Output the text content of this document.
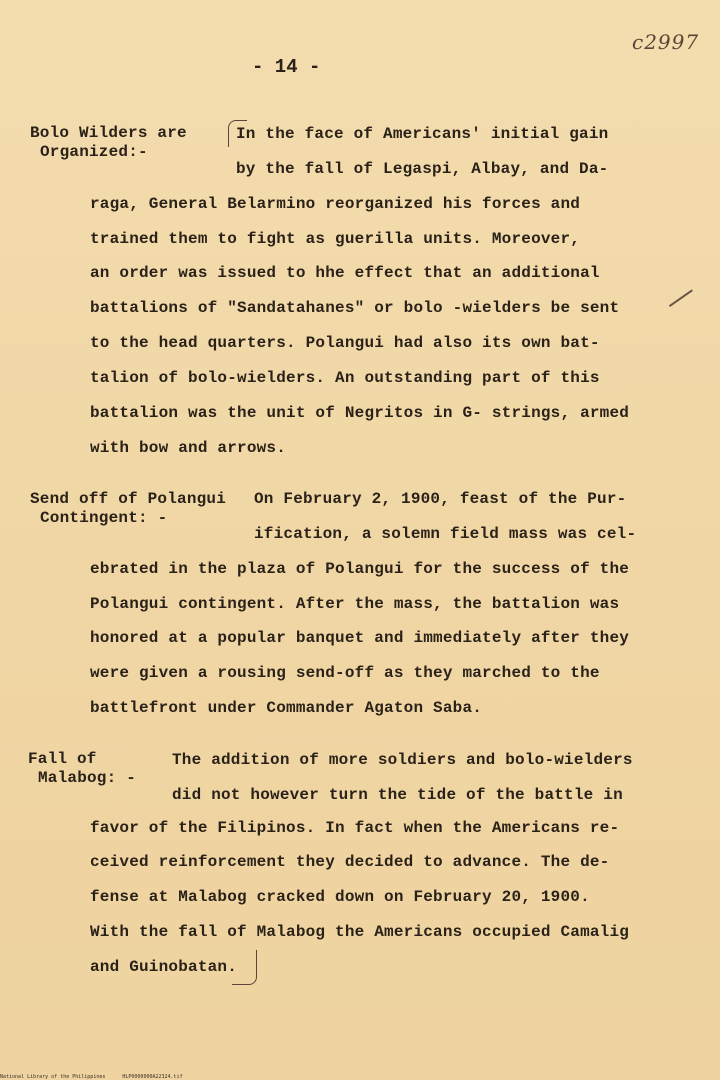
- 14 -
c2997
Bolo Wilders are
Organized:-
In the face of Americans' initial gain
by the fall of Legaspi, Albay, and Da-
raga, General Belarmino reorganized his forces and
trained them to fight as guerilla units. Moreover,
an order was issued to hhe effect that an additional
battalions of "Sandatahanes" or bolo -wielders be sent
to the head quarters. Polangui had also its own bat-
talion of bolo-wielders. An outstanding part of this
battalion was the unit of Negritos in G- strings, armed
with bow and arrows.
Send off of Polangui
Contingent: -
On February 2, 1900, feast of the Pur-
ification, a solemn field mass was cel-
ebrated in the plaza of Polangui for the success of the
Polangui contingent. After the mass, the battalion was
honored at a popular banquet and immediately after they
were given a rousing send-off as they marched to the
battlefront under Commander Agaton Saba.
Fall of
Malabog: -
The addition of more soldiers and bolo-wielders
did not however turn the tide of the battle in
favor of the Filipinos. In fact when the Americans re-
ceived reinforcement they decided to advance. The de-
fense at Malabog cracked down on February 20, 1900.
With the fall of Malabog the Americans occupied Camalig
and Guinobatan.
National Library of the Philippines	HLP0000000A22324.tif
